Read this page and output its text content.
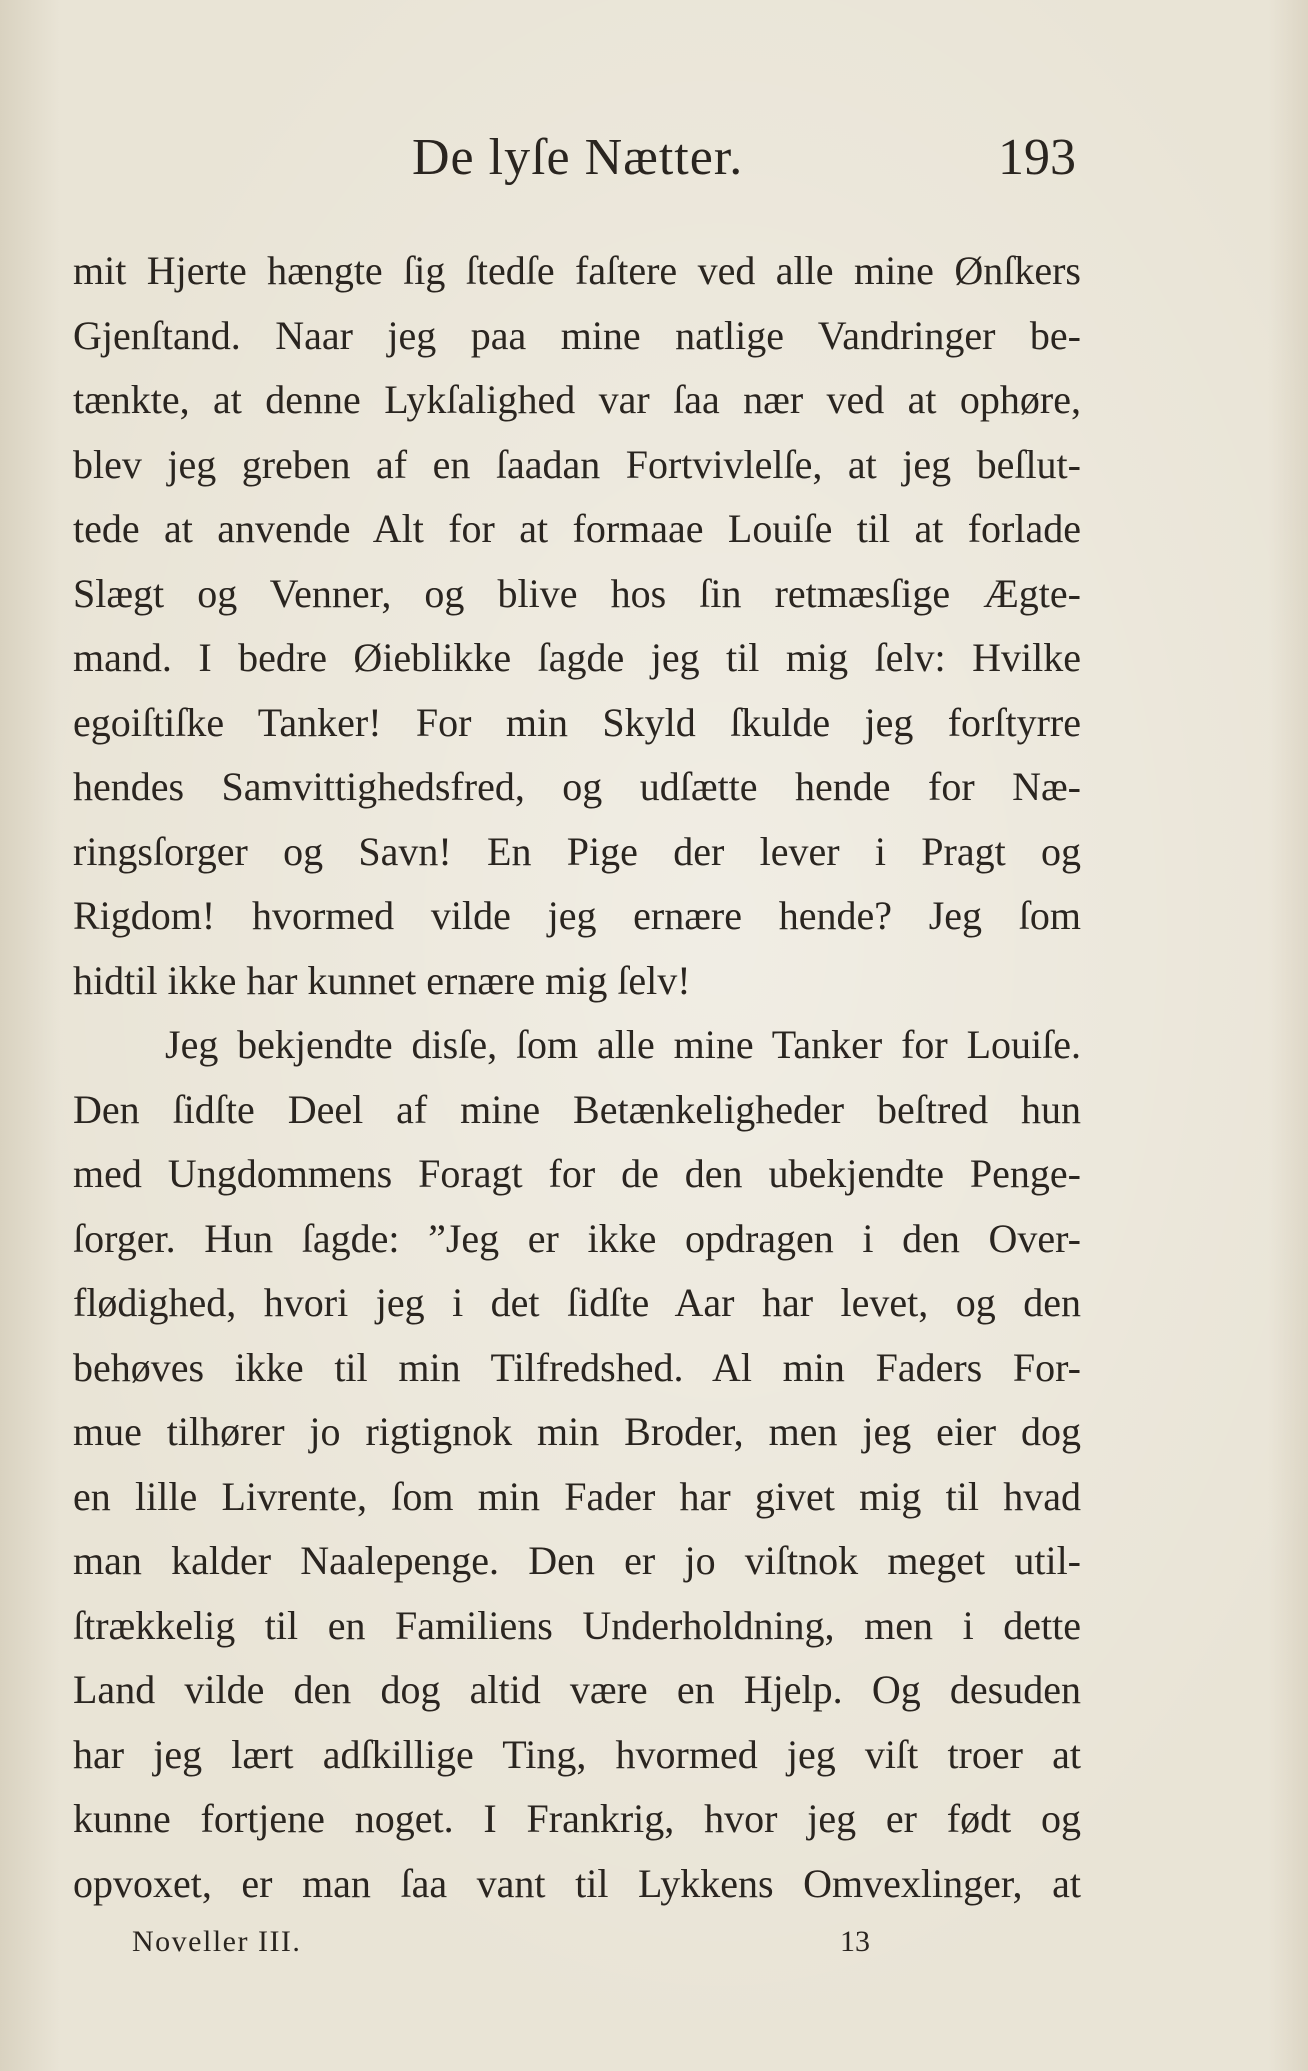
De lyſe Nætter.	193
mit Hjerte hængte ſig ſtedſe faſtere ved alle mine Ønſkers
Gjenſtand. Naar jeg paa mine natlige Vandringer be-
tænkte, at denne Lykſalighed var ſaa nær ved at ophøre,
blev jeg greben af en ſaadan Fortvivlelſe, at jeg beſlut-
tede at anvende Alt for at formaae Louiſe til at forlade
Slægt og Venner, og blive hos ſin retmæsſige Ægte-
mand. I bedre Øieblikke ſagde jeg til mig ſelv: Hvilke
egoiſtiſke Tanker! For min Skyld ſkulde jeg forſtyrre
hendes Samvittighedsfred, og udſætte hende for Næ-
ringsſorger og Savn! En Pige der lever i Pragt og
Rigdom! hvormed vilde jeg ernære hende? Jeg ſom
hidtil ikke har kunnet ernære mig ſelv!
Jeg bekjendte disſe, ſom alle mine Tanker for Louiſe.
Den ſidſte Deel af mine Betænkeligheder beſtred hun
med Ungdommens Foragt for de den ubekjendte Penge-
ſorger. Hun ſagde: ”Jeg er ikke opdragen i den Over-
flødighed, hvori jeg i det ſidſte Aar har levet, og den
behøves ikke til min Tilfredshed. Al min Faders For-
mue tilhører jo rigtignok min Broder, men jeg eier dog
en lille Livrente, ſom min Fader har givet mig til hvad
man kalder Naalepenge. Den er jo viſtnok meget util-
ſtrækkelig til en Familiens Underholdning, men i dette
Land vilde den dog altid være en Hjelp. Og desuden
har jeg lært adſkillige Ting, hvormed jeg viſt troer at
kunne fortjene noget. I Frankrig, hvor jeg er født og
opvoxet, er man ſaa vant til Lykkens Omvexlinger, at
Noveller III.	13
